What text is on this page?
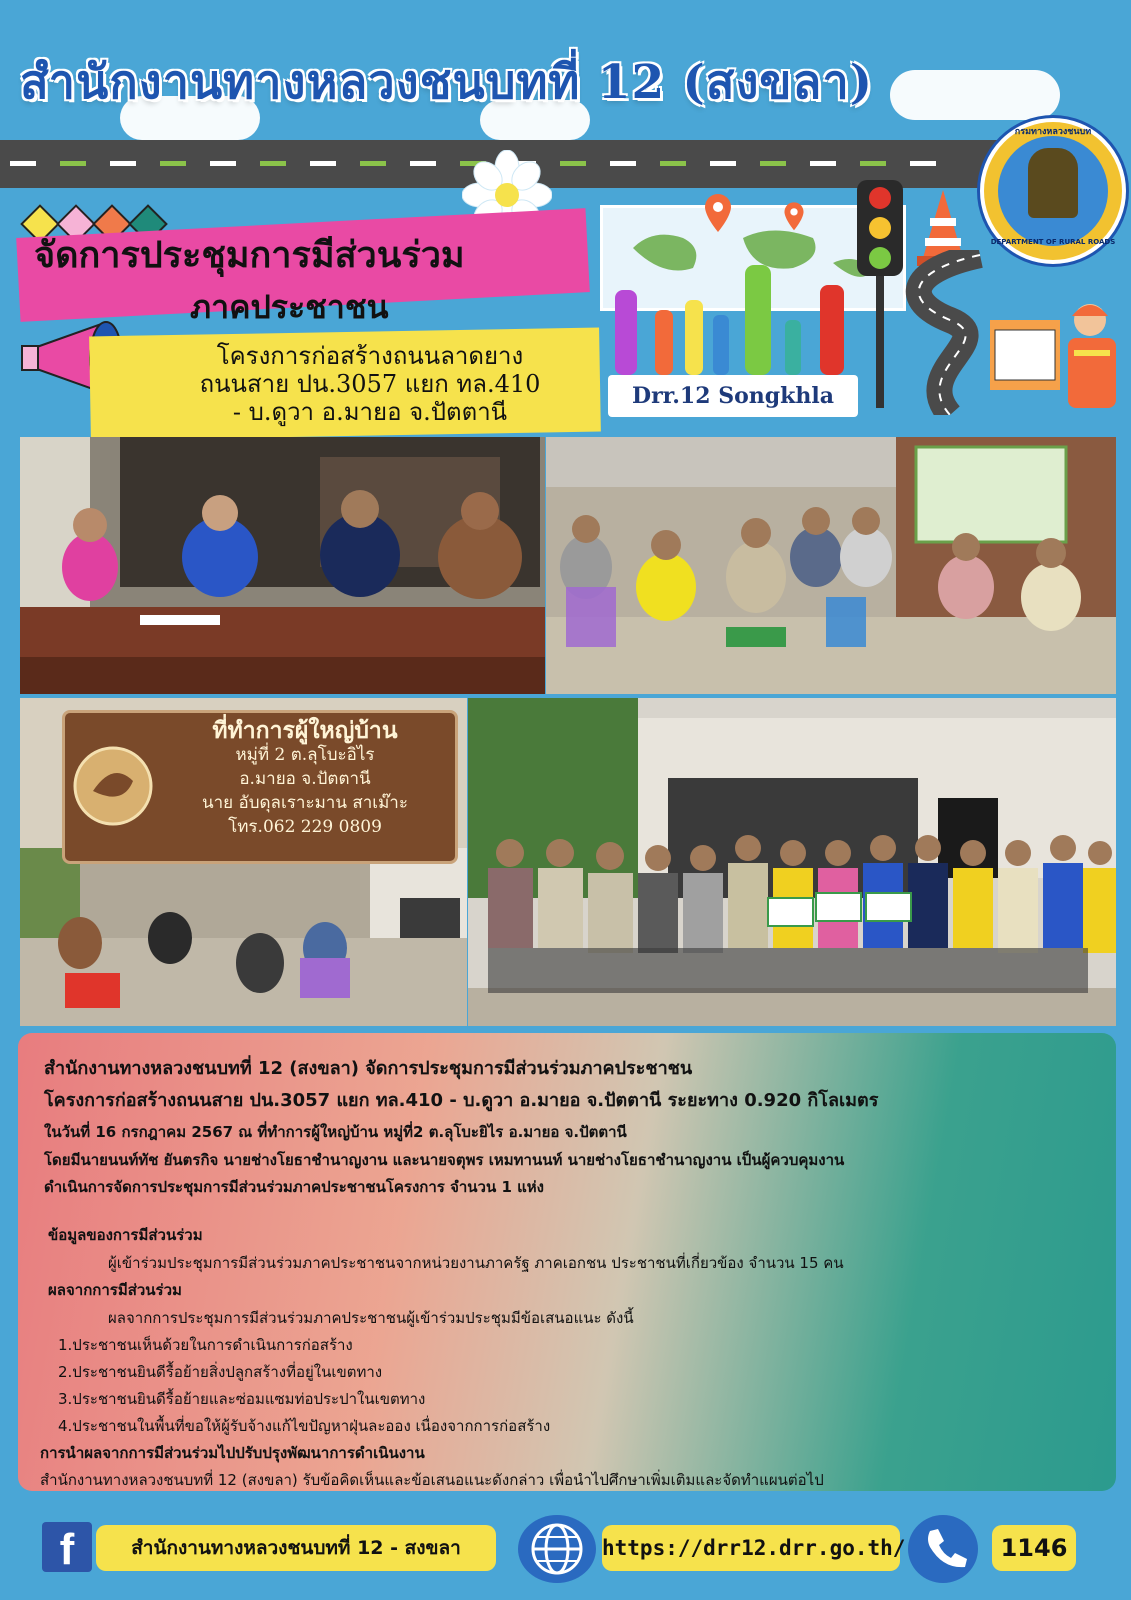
สำนักงานทางหลวงชนบทที่ 12 (สงขลา)
กรมทางหลวงชนบท
DEPARTMENT OF RURAL ROADS
จัดการประชุมการมีส่วนร่วม
ภาคประชาชน
โครงการก่อสร้างถนนลาดยาง
ถนนสาย ปน.3057 แยก ทล.410
- บ.ดูวา อ.มายอ จ.ปัตตานี
Drr.12 Songkhla
ที่ทำการผู้ใหญ่บ้าน
หมู่ที่ 2 ต.ลุโบะอิไร
อ.มายอ จ.ปัตตานี
นาย อับดุลเราะมาน สาเม๊าะ
โทร.062 229 0809
สำนักงานทางหลวงชนบทที่ 12 (สงขลา) จัดการประชุมการมีส่วนร่วมภาคประชาชน
โครงการก่อสร้างถนนสาย ปน.3057 แยก ทล.410 - บ.ดูวา อ.มายอ จ.ปัตตานี ระยะทาง 0.920 กิโลเมตร
ในวันที่ 16 กรกฎาคม 2567 ณ ที่ทำการผู้ใหญ่บ้าน หมู่ที่2 ต.ลุโบะยิไร อ.มายอ จ.ปัตตานี
โดยมีนายนนท์ทัช ยันตรกิจ นายช่างโยธาชำนาญงาน และนายจตุพร เหมทานนท์ นายช่างโยธาชำนาญงาน เป็นผู้ควบคุมงาน
ดำเนินการจัดการประชุมการมีส่วนร่วมภาคประชาชนโครงการ จำนวน 1 แห่ง
ข้อมูลของการมีส่วนร่วม
ผู้เข้าร่วมประชุมการมีส่วนร่วมภาคประชาชนจากหน่วยงานภาครัฐ ภาคเอกชน ประชาชนที่เกี่ยวข้อง จำนวน 15 คน
ผลจากการมีส่วนร่วม
ผลจากการประชุมการมีส่วนร่วมภาคประชาชนผู้เข้าร่วมประชุมมีข้อเสนอแนะ ดังนี้
1.ประชาชนเห็นด้วยในการดำเนินการก่อสร้าง
2.ประชาชนยินดีรื้อย้ายสิ่งปลูกสร้างที่อยู่ในเขตทาง
3.ประชาชนยินดีรื้อย้ายและซ่อมแซมท่อประปาในเขตทาง
4.ประชาชนในพื้นที่ขอให้ผู้รับจ้างแก้ไขปัญหาฝุ่นละออง เนื่องจากการก่อสร้าง
การนำผลจากการมีส่วนร่วมไปปรับปรุงพัฒนาการดำเนินงาน
สำนักงานทางหลวงชนบทที่ 12 (สงขลา) รับข้อคิดเห็นและข้อเสนอแนะดังกล่าว เพื่อนำไปศึกษาเพิ่มเติมและจัดทำแผนต่อไป
f	สำนักงานทางหลวงชนบทที่ 12 - สงขลา	https://drr12.drr.go.th/	1146
